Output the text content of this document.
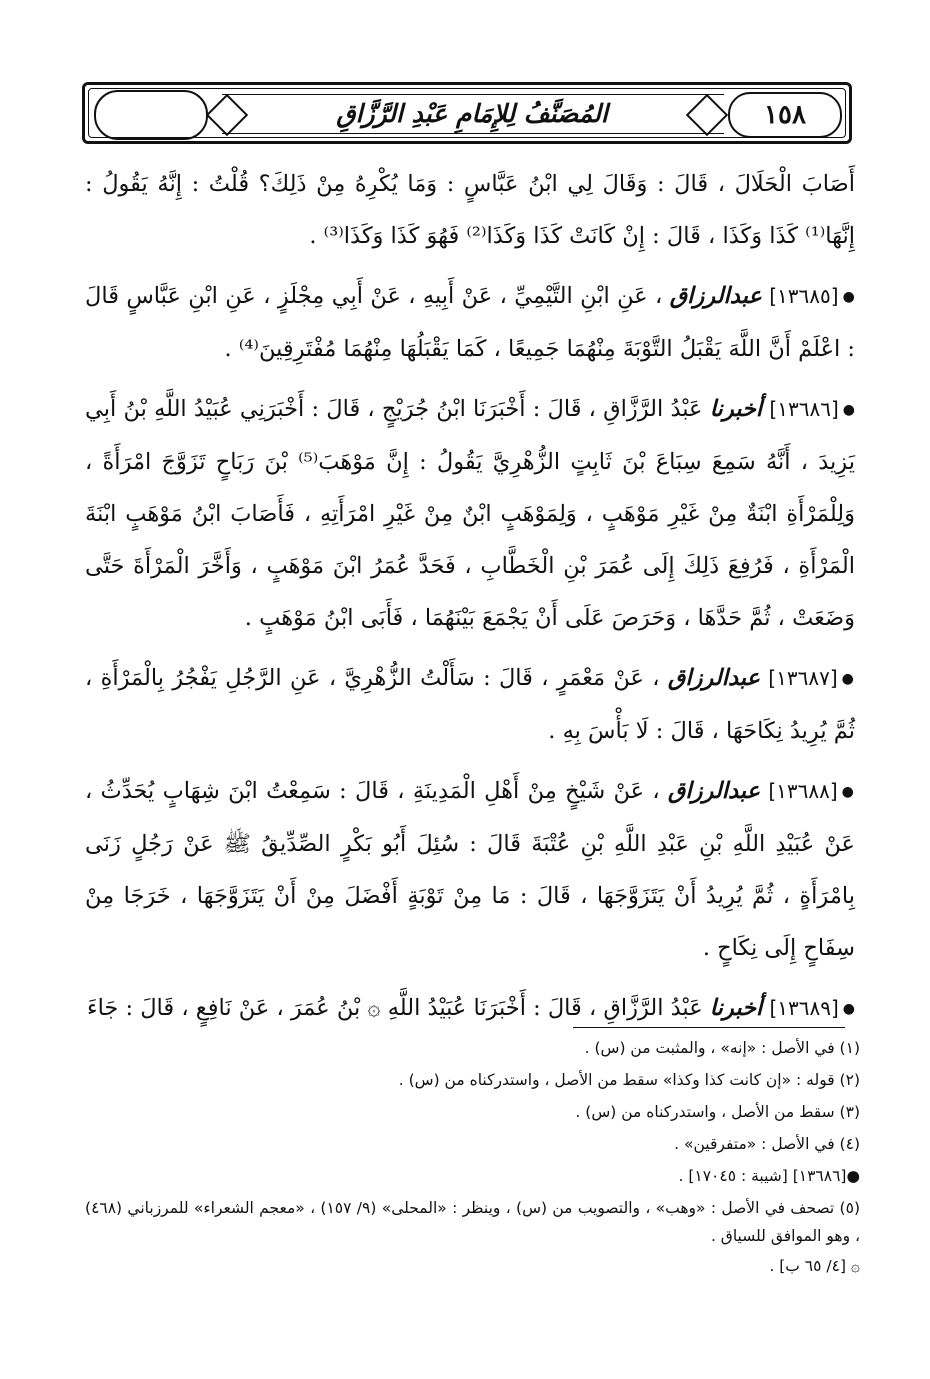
١٥٨
المُصَنَّفُ لِلإِمَامِ عَبْدِ الرَّزَّاقِ

أَصَابَ الْحَلَالَ ، قَالَ : وَقَالَ لِي ابْنُ عَبَّاسٍ : وَمَا يُكْرِهُ مِنْ ذَلِكَ؟ قُلْتُ : إِنَّهُ يَقُولُ : إِنَّهَا⁽¹⁾ كَذَا وَكَذَا ، قَالَ : إِنْ كَانَتْ كَذَا وَكَذَا⁽²⁾ فَهُوَ كَذَا وَكَذَا⁽³⁾ .

●[١٣٦٨٥] عبدالرزاق ، عَنِ ابْنِ التَّيْمِيِّ ، عَنْ أَبِيهِ ، عَنْ أَبِي مِجْلَزٍ ، عَنِ ابْنِ عَبَّاسٍ قَالَ : اعْلَمْ أَنَّ اللَّهَ يَقْبَلُ التَّوْبَةَ مِنْهُمَا جَمِيعًا ، كَمَا يَقْبَلُهَا مِنْهُمَا مُفْتَرِقِينَ⁽⁴⁾ .

●[١٣٦٨٦] أخبرنا عَبْدُ الرَّزَّاقِ ، قَالَ : أَخْبَرَنَا ابْنُ جُرَيْجٍ ، قَالَ : أَخْبَرَنِي عُبَيْدُ اللَّهِ بْنُ أَبِي يَزِيدَ ، أَنَّهُ سَمِعَ سِبَاعَ بْنَ ثَابِتٍ الزُّهْرِيَّ يَقُولُ : إِنَّ مَوْهَبَ⁽⁵⁾ بْنَ رَبَاحٍ تَزَوَّجَ امْرَأَةً ، وَلِلْمَرْأَةِ ابْنَةٌ مِنْ غَيْرِ مَوْهَبٍ ، وَلِمَوْهَبٍ ابْنٌ مِنْ غَيْرِ امْرَأَتِهِ ، فَأَصَابَ ابْنُ مَوْهَبٍ ابْنَةَ الْمَرْأَةِ ، فَرُفِعَ ذَلِكَ إِلَى عُمَرَ بْنِ الْخَطَّابِ ، فَحَدَّ عُمَرُ ابْنَ مَوْهَبٍ ، وَأَخَّرَ الْمَرْأَةَ حَتَّى وَضَعَتْ ، ثُمَّ حَدَّهَا ، وَحَرَصَ عَلَى أَنْ يَجْمَعَ بَيْنَهُمَا ، فَأَبَى ابْنُ مَوْهَبٍ .

●[١٣٦٨٧] عبدالرزاق ، عَنْ مَعْمَرٍ ، قَالَ : سَأَلْتُ الزُّهْرِيَّ ، عَنِ الرَّجُلِ يَفْجُرُ بِالْمَرْأَةِ ، ثُمَّ يُرِيدُ نِكَاحَهَا ، قَالَ : لَا بَأْسَ بِهِ .

●[١٣٦٨٨] عبدالرزاق ، عَنْ شَيْخٍ مِنْ أَهْلِ الْمَدِينَةِ ، قَالَ : سَمِعْتُ ابْنَ شِهَابٍ يُحَدِّثُ ، عَنْ عُبَيْدِ اللَّهِ بْنِ عَبْدِ اللَّهِ بْنِ عُتْبَةَ قَالَ : سُئِلَ أَبُو بَكْرٍ الصِّدِّيقُ ﷺ عَنْ رَجُلٍ زَنَى بِامْرَأَةٍ ، ثُمَّ يُرِيدُ أَنْ يَتَزَوَّجَهَا ، قَالَ : مَا مِنْ تَوْبَةٍ أَفْضَلَ مِنْ أَنْ يَتَزَوَّجَهَا ، خَرَجَا مِنْ سِفَاحٍ إِلَى نِكَاحٍ .

●[١٣٦٨٩] أخبرنا عَبْدُ الرَّزَّاقِ ، قَالَ : أَخْبَرَنَا عُبَيْدُ اللَّهِ ۞ بْنُ عُمَرَ ، عَنْ نَافِعٍ ، قَالَ : جَاءَ

(١) في الأصل : «إنه» ، والمثبت من (س) .

(٢) قوله : «إن كانت كذا وكذا» سقط من الأصل ، واستدركناه من (س) .

(٣) سقط من الأصل ، واستدركناه من (س) .

(٤) في الأصل : «متفرقين» .

●[١٣٦٨٦] [شيبة : ١٧٠٤٥] .

(٥) تصحف في الأصل : «وهب» ، والتصويب من (س) ، وينظر : «المحلى» (٩/ ١٥٧) ، «معجم الشعراء» للمرزباني (٤٦٨) ، وهو الموافق للسياق .

۞ [٤/ ٦٥ ب] .
